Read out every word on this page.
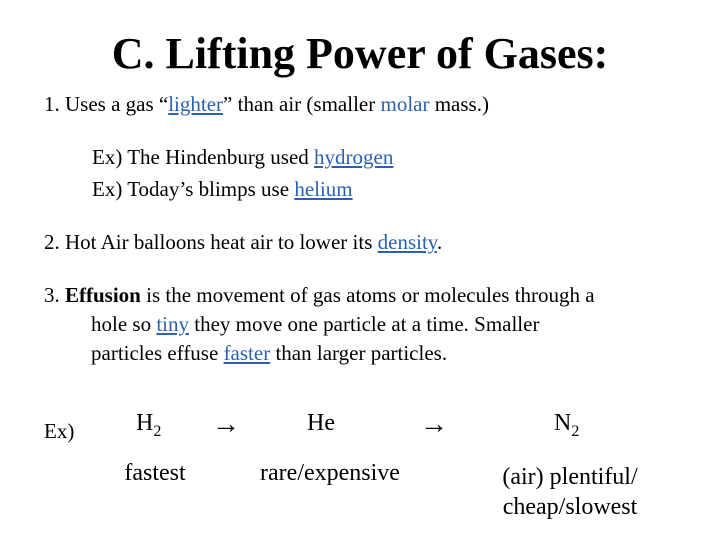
C. Lifting Power of Gases:
1. Uses a gas “lighter” than air (smaller molar mass.)
Ex) The Hindenburg used hydrogen
Ex) Today’s blimps use helium
2. Hot Air balloons heat air to lower its density.
3. Effusion is the movement of gas atoms or molecules through a
hole so tiny they move one particle at a time. Smaller
particles effuse faster than larger particles.
Ex)	$H_2$ →	He	→	$N_2$
fastest	rare/expensive	(air) plentiful/
cheap/slowest
